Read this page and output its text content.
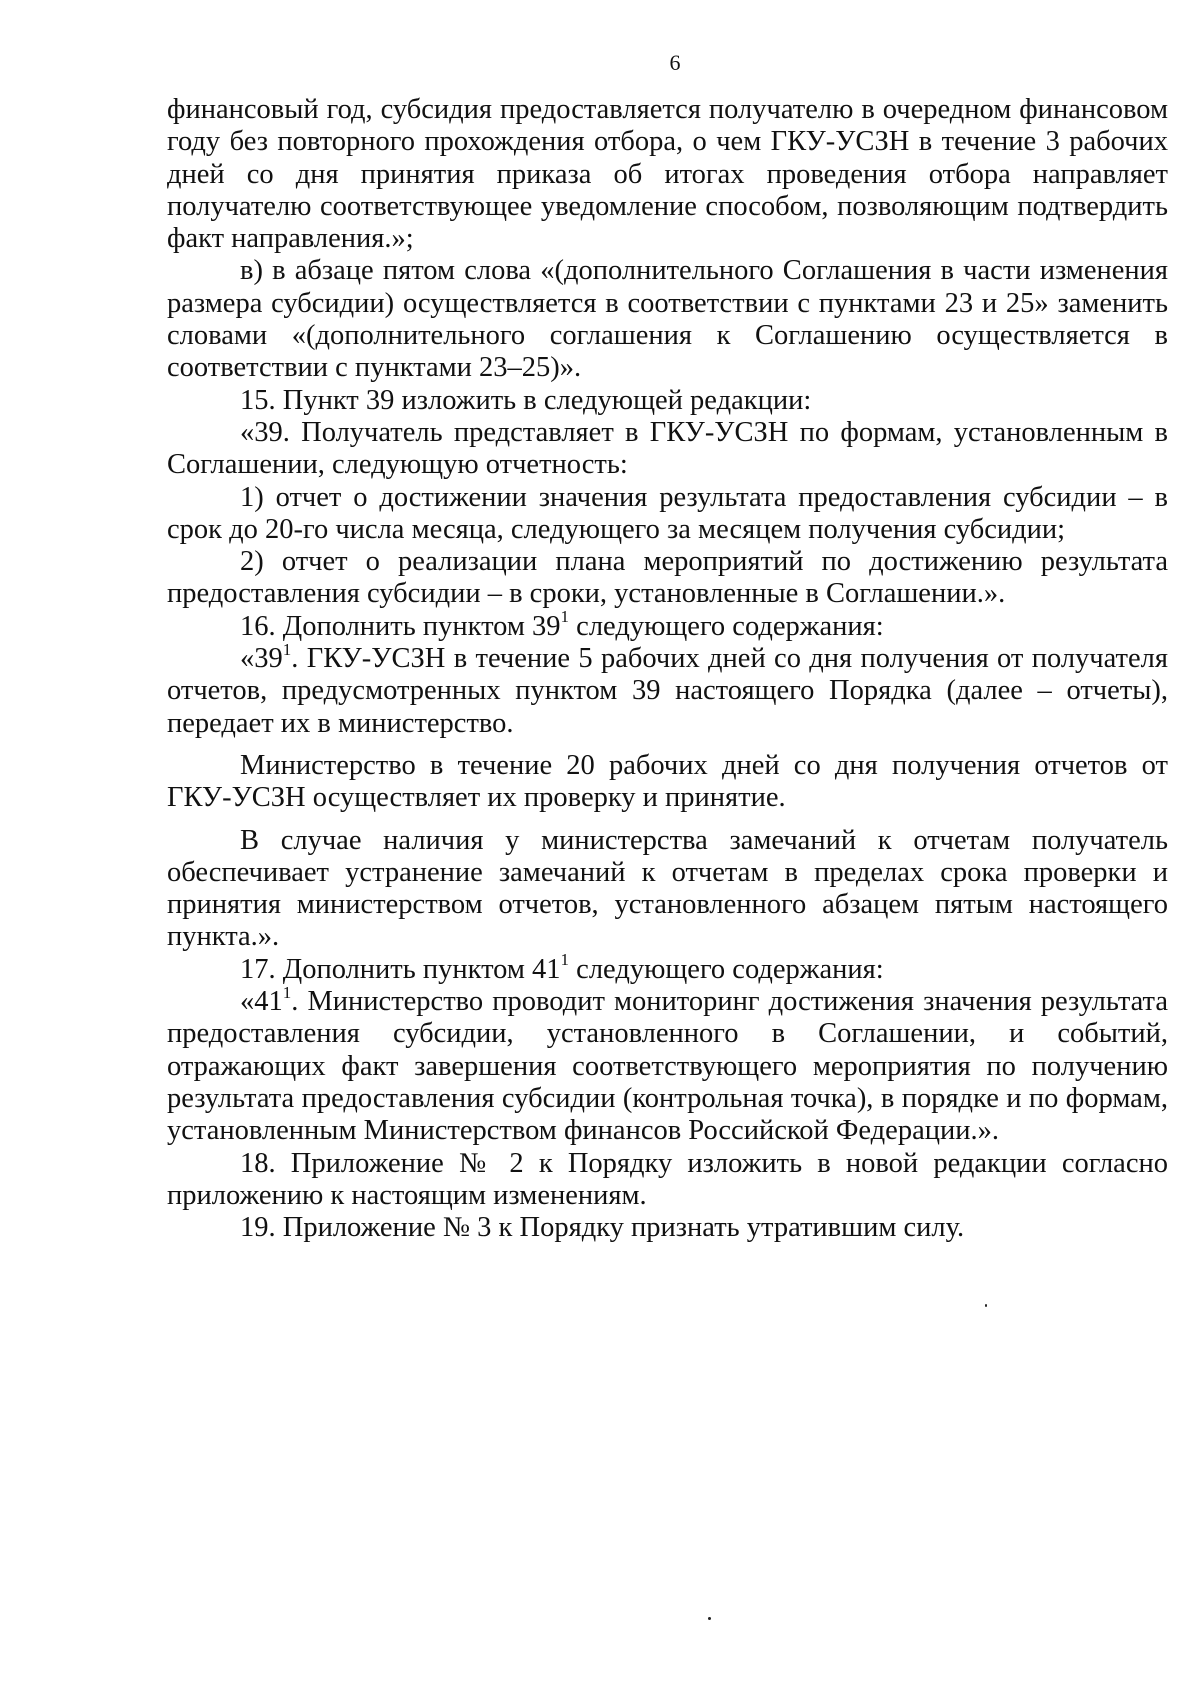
6

финансовый год, субсидия предоставляется получателю в очередном финансовом году без повторного прохождения отбора, о чем ГКУ-УСЗН в течение 3 рабочих дней со дня принятия приказа об итогах проведения отбора направляет получателю соответствующее уведомление способом, позволяющим подтвердить факт направления.»;

в) в абзаце пятом слова «(дополнительного Соглашения в части изменения размера субсидии) осуществляется в соответствии с пунктами 23 и 25» заменить словами «(дополнительного соглашения к Соглашению осуществляется в соответствии с пунктами 23–25)».

15. Пункт 39 изложить в следующей редакции:

«39. Получатель представляет в ГКУ-УСЗН по формам, установленным в Соглашении, следующую отчетность:

1) отчет о достижении значения результата предоставления субсидии – в срок до 20-го числа месяца, следующего за месяцем получения субсидии;

2) отчет о реализации плана мероприятий по достижению результата предоставления субсидии – в сроки, установленные в Соглашении.».

16. Дополнить пунктом $39^1$ следующего содержания:

«$39^1$. ГКУ-УСЗН в течение 5 рабочих дней со дня получения от получателя отчетов, предусмотренных пунктом 39 настоящего Порядка (далее – отчеты), передает их в министерство.

Министерство в течение 20 рабочих дней со дня получения отчетов от ГКУ-УСЗН осуществляет их проверку и принятие.

В случае наличия у министерства замечаний к отчетам получатель обеспечивает устранение замечаний к отчетам в пределах срока проверки и принятия министерством отчетов, установленного абзацем пятым настоящего пункта.».

17. Дополнить пунктом $41^1$ следующего содержания:

«$41^1$. Министерство проводит мониторинг достижения значения результата предоставления субсидии, установленного в Соглашении, и событий, отражающих факт завершения соответствующего мероприятия по получению результата предоставления субсидии (контрольная точка), в порядке и по формам, установленным Министерством финансов Российской Федерации.».

18. Приложение № 2 к Порядку изложить в новой редакции согласно приложению к настоящим изменениям.

19. Приложение № 3 к Порядку признать утратившим силу.
